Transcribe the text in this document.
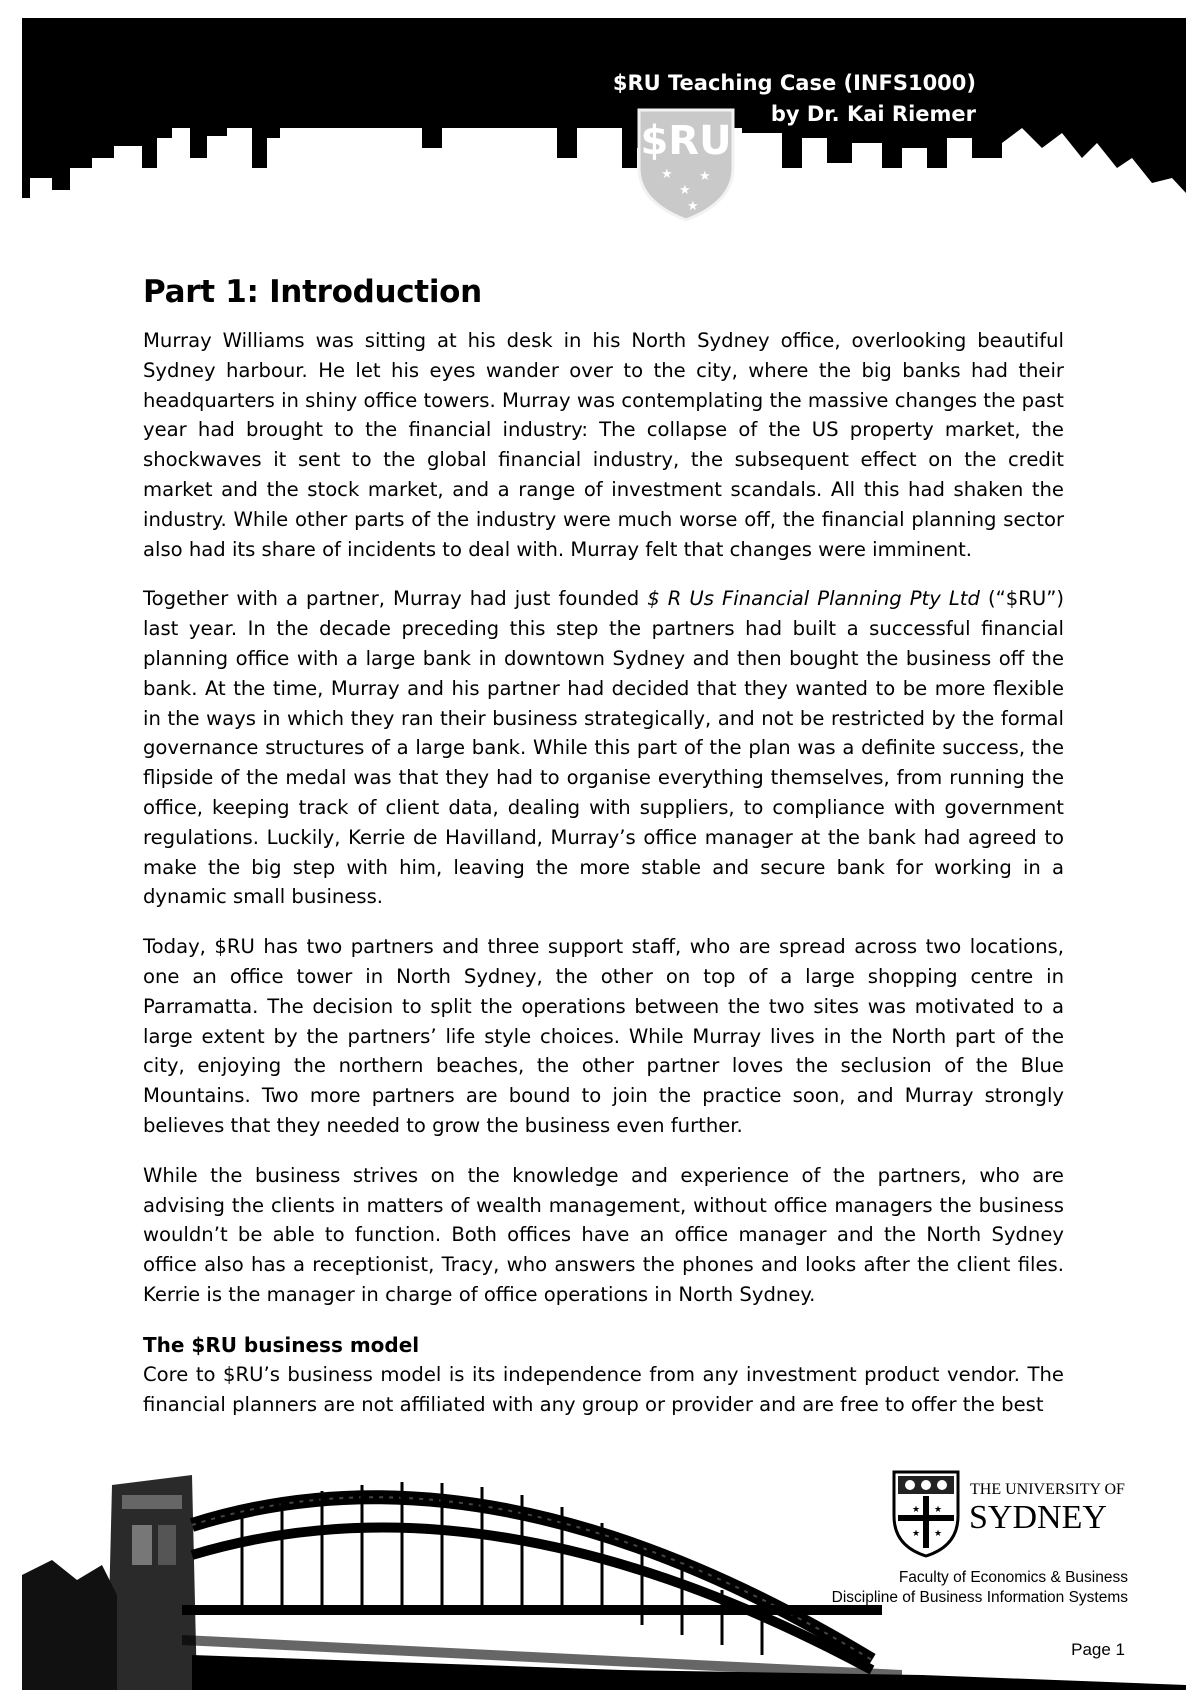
$RU
★ ★
★
★
$RU Teaching Case (INFS1000)
by Dr. Kai Riemer
Part 1: Introduction

Murray Williams was sitting at his desk in his North Sydney office, overlooking beautiful Sydney harbour. He let his eyes wander over to the city, where the big banks had their headquarters in shiny office towers. Murray was contemplating the massive changes the past year had brought to the financial industry: The collapse of the US property market, the shockwaves it sent to the global financial industry, the subsequent effect on the credit market and the stock market, and a range of investment scandals. All this had shaken the industry. While other parts of the industry were much worse off, the financial planning sector also had its share of incidents to deal with. Murray felt that changes were imminent.

Together with a partner, Murray had just founded $ R Us Financial Planning Pty Ltd (“$RU”) last year. In the decade preceding this step the partners had built a successful financial planning office with a large bank in downtown Sydney and then bought the business off the bank. At the time, Murray and his partner had decided that they wanted to be more flexible in the ways in which they ran their business strategically, and not be restricted by the formal governance structures of a large bank. While this part of the plan was a definite success, the flipside of the medal was that they had to organise everything themselves, from running the office, keeping track of client data, dealing with suppliers, to compliance with government regulations. Luckily, Kerrie de Havilland, Murray’s office manager at the bank had agreed to make the big step with him, leaving the more stable and secure bank for working in a dynamic small business.

Today, $RU has two partners and three support staff, who are spread across two locations, one an office tower in North Sydney, the other on top of a large shopping centre in Parramatta. The decision to split the operations between the two sites was motivated to a large extent by the partners’ life style choices. While Murray lives in the North part of the city, enjoying the northern beaches, the other partner loves the seclusion of the Blue Mountains. Two more partners are bound to join the practice soon, and Murray strongly believes that they needed to grow the business even further.

While the business strives on the knowledge and experience of the partners, who are advising the clients in matters of wealth management, without office managers the business wouldn’t be able to function. Both offices have an office manager and the North Sydney office also has a receptionist, Tracy, who answers the phones and looks after the client files. Kerrie is the manager in charge of office operations in North Sydney.

The $RU business model

Core to $RU’s business model is its independence from any investment product vendor. The financial planners are not affiliated with any group or provider and are free to offer the best

★ ★
★ ★
THE UNIVERSITY OF
SYDNEY
Faculty of Economics & Business
Discipline of Business Information Systems
Page 1
